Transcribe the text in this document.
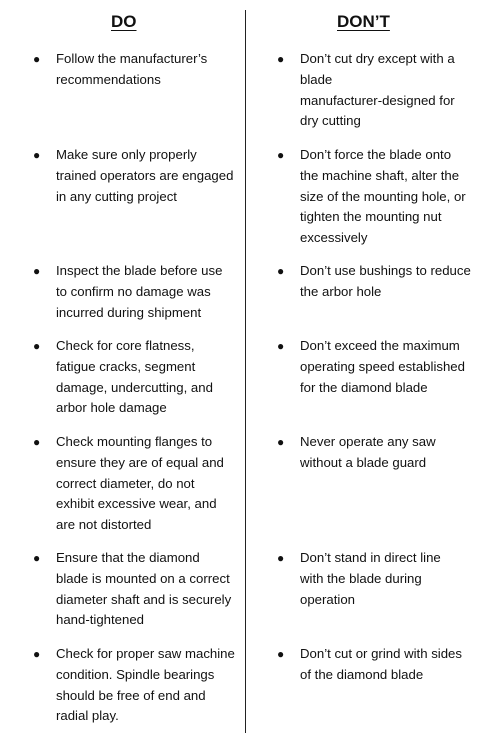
DO	DON’T
● Follow the manufacturer’s
recommendations
● Make sure only properly
trained operators are engaged
in any cutting project
● Inspect the blade before use
to confirm no damage was
incurred during shipment
● Check for core flatness,
fatigue cracks, segment
damage, undercutting, and
arbor hole damage
● Check mounting flanges to
ensure they are of equal and
correct diameter, do not
exhibit excessive wear, and
are not distorted
● Ensure that the diamond
blade is mounted on a correct
diameter shaft and is securely
hand-tightened
● Check for proper saw machine
condition. Spindle bearings
should be free of end and
radial play.
● Don’t cut dry except with a
blade
manufacturer-designed for
dry cutting
● Don’t force the blade onto
the machine shaft, alter the
size of the mounting hole, or
tighten the mounting nut
excessively
● Don’t use bushings to reduce
the arbor hole
● Don’t exceed the maximum
operating speed established
for the diamond blade
● Never operate any saw
without a blade guard
● Don’t stand in direct line
with the blade during
operation
● Don’t cut or grind with sides
of the diamond blade
